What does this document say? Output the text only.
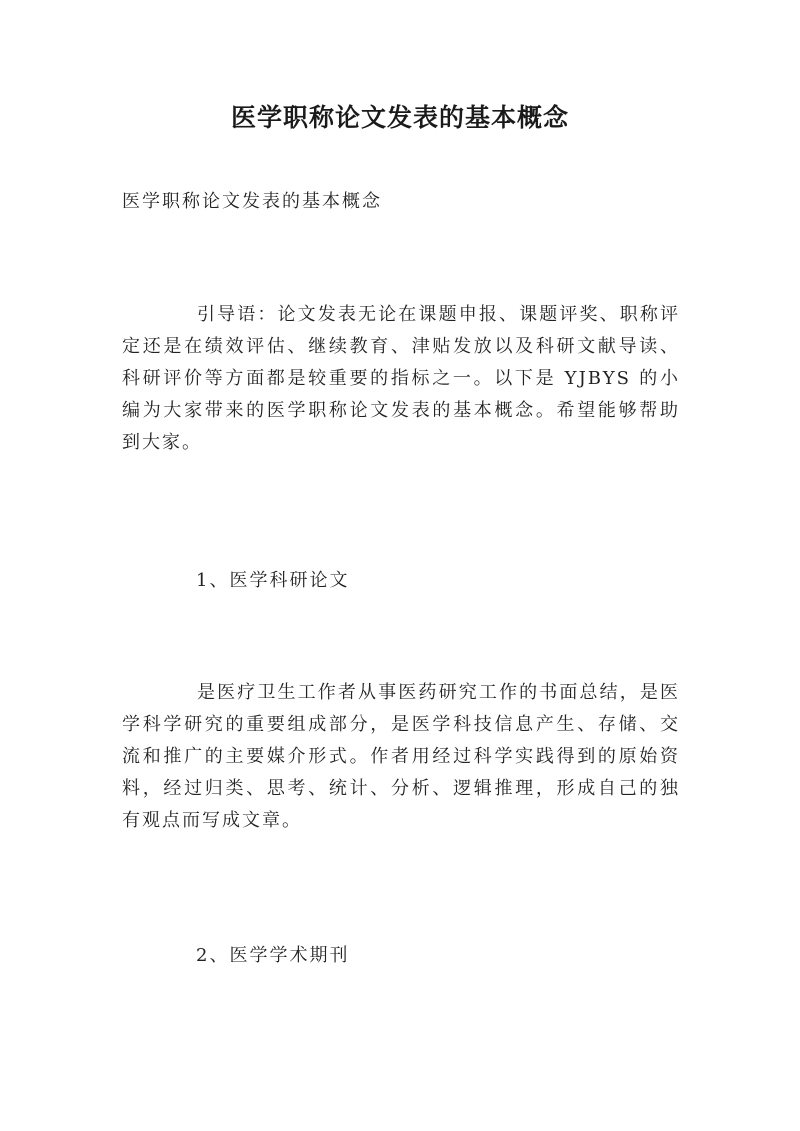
医学职称论文发表的基本概念
医学职称论文发表的基本概念
引导语：论文发表无论在课题申报、课题评奖、职称评定还是在绩效评估、继续教育、津贴发放以及科研文献导读、科研评价等方面都是较重要的指标之一。以下是 YJBYS 的小编为大家带来的医学职称论文发表的基本概念。希望能够帮助到大家。
1、医学科研论文
是医疗卫生工作者从事医药研究工作的书面总结，是医学科学研究的重要组成部分，是医学科技信息产生、存储、交流和推广的主要媒介形式。作者用经过科学实践得到的原始资料，经过归类、思考、统计、分析、逻辑推理，形成自己的独有观点而写成文章。
2、医学学术期刊
